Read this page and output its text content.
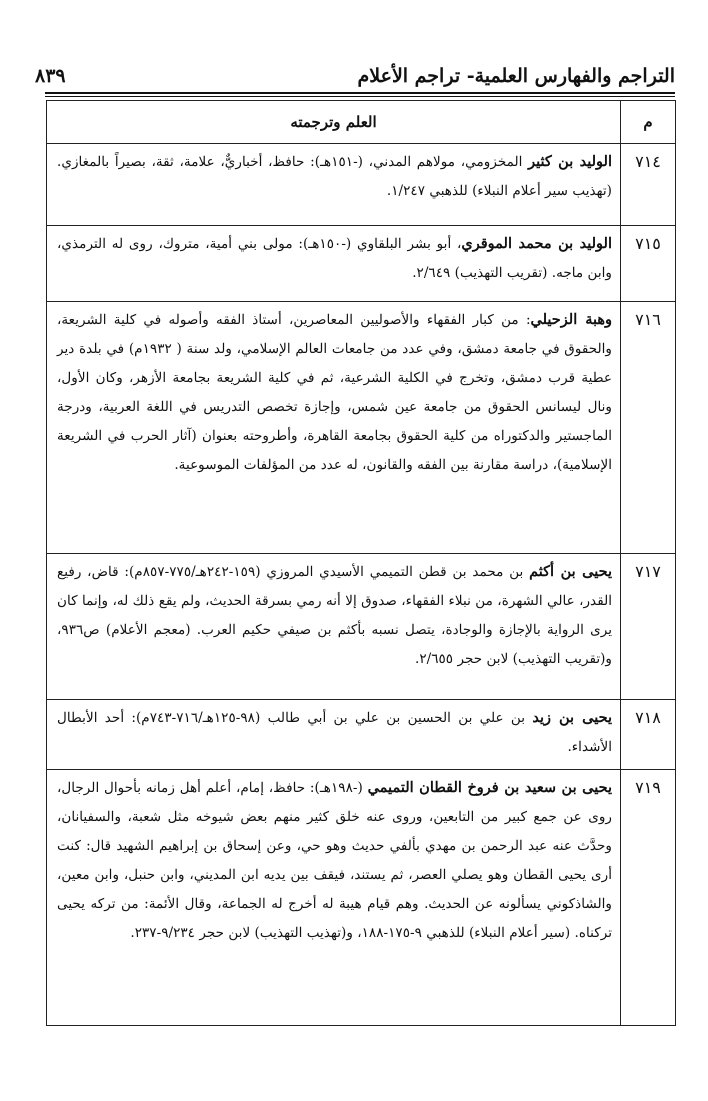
التراجم والفهارس العلمية- تراجم الأعلام
٨٣٩
م	العلم وترجمته
٧١٤	الوليد بن كثير المخزومي، مولاهم المدني، (-١٥١هـ): حافظ، أخباريٌّ، علامة، ثقة، بصيراً بالمغازي. (تهذيب سير أعلام النبلاء) للذهبي ١/٢٤٧.
٧١٥	الوليد بن محمد الموقري، أبو بشر البلقاوي (-١٥٠هـ): مولى بني أمية، متروك، روى له الترمذي، وابن ماجه. (تقريب التهذيب) ٢/٦٤٩.
٧١٦	وهبة الزحيلي: من كبار الفقهاء والأصوليين المعاصرين، أستاذ الفقه وأصوله في كلية الشريعة، والحقوق في جامعة دمشق، وفي عدد من جامعات العالم الإسلامي، ولد سنة ( ١٩٣٢م) في بلدة دير عطية قرب دمشق، وتخرج في الكلية الشرعية، ثم في كلية الشريعة بجامعة الأزهر، وكان الأول، ونال ليسانس الحقوق من جامعة عين شمس، وإجازة تخصص التدريس في اللغة العربية، ودرجة الماجستير والدكتوراه من كلية الحقوق بجامعة القاهرة، وأطروحته بعنوان (آثار الحرب في الشريعة الإسلامية)، دراسة مقارنة بين الفقه والقانون، له عدد من المؤلفات الموسوعية.
٧١٧	يحيى بن أكثم بن محمد بن قطن التميمي الأسيدي المروزي (١٥٩-٢٤٢هـ/٧٧٥-٨٥٧م): قاض، رفيع القدر، عالي الشهرة، من نبلاء الفقهاء، صدوق إلا أنه رمي بسرقة الحديث، ولم يقع ذلك له، وإنما كان يرى الرواية بالإجازة والوجادة، يتصل نسبه بأكثم بن صيفي حكيم العرب. (معجم الأعلام) ص٩٣٦، و(تقريب التهذيب) لابن حجر ٢/٦٥٥.
٧١٨	يحيى بن زيد بن علي بن الحسين بن علي بن أبي طالب (٩٨-١٢٥هـ/٧١٦-٧٤٣م): أحد الأبطال الأشداء.
٧١٩	يحيى بن سعيد بن فروخ القطان التميمي (-١٩٨هـ): حافظ، إمام، أعلم أهل زمانه بأحوال الرجال، روى عن جمع كبير من التابعين، وروى عنه خلق كثير منهم بعض شيوخه مثل شعبة، والسفيانان، وحدَّث عنه عبد الرحمن بن مهدي بألفي حديث وهو حي، وعن إسحاق بن إبراهيم الشهيد قال: كنت أرى يحيى القطان وهو يصلي العصر، ثم يستند، فيقف بين يديه ابن المديني، وابن حنبل، وابن معين، والشاذكوني يسألونه عن الحديث. وهم قيام هيبة له أخرج له الجماعة، وقال الأئمة: من تركه يحيى تركناه. (سير أعلام النبلاء) للذهبي ٩-١٧٥-١٨٨، و(تهذيب التهذيب) لابن حجر ٩/٢٣٤-٢٣٧.
